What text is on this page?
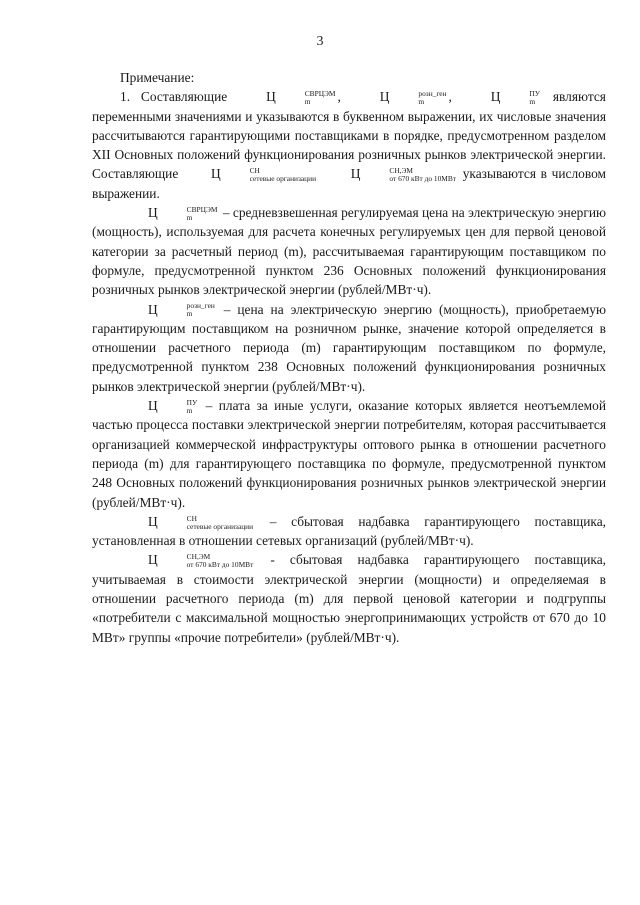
3

Примечание:

1. Составляющие	Ц	СВРЦЭМ
m	, Ц	розн_ген
m	, Ц	ПУ
m	являются переменными значениями и указываются в буквенном выражении, их числовые значения рассчитываются гарантирующими поставщиками в порядке, предусмотренном разделом XII Основных положений функционирования розничных рынков электрической энергии. Составляющие Ц	СН
сетевые организации	Ц	СН,ЭМ
от 670 кВт до 10МВт указываются в числовом выражении.

Ц	СВРЦЭМ
m	– средневзвешенная регулируемая цена на электрическую энергию (мощность), используемая для расчета конечных регулируемых цен для первой ценовой категории за расчетный период (m), рассчитываемая гарантирующим поставщиком по формуле, предусмотренной пунктом 236 Основных положений функционирования розничных рынков электрической энергии (рублей/МВт·ч).

Ц	розн_ген
m	– цена на электрическую энергию (мощность), приобретаемую гарантирующим поставщиком на розничном рынке, значение которой определяется в отношении расчетного периода (m) гарантирующим поставщиком по формуле, предусмотренной пунктом 238 Основных положений функционирования розничных рынков электрической энергии (рублей/МВт·ч).

Ц	ПУ
m – плата за иные услуги, оказание которых является неотъемлемой частью процесса поставки электрической энергии потребителям, которая рассчитывается организацией коммерческой инфраструктуры оптового рынка в отношении расчетного периода (m) для гарантирующего поставщика по формуле, предусмотренной пунктом 248 Основных положений функционирования розничных рынков электрической энергии (рублей/МВт·ч).

Ц	СН
сетевые организации – сбытовая надбавка гарантирующего поставщика, установленная в отношении сетевых организаций (рублей/МВт·ч).

Ц	СН,ЭМ
от 670 кВт до 10МВт - сбытовая надбавка гарантирующего поставщика, учитываемая в стоимости электрической энергии (мощности) и определяемая в отношении расчетного периода (m) для первой ценовой категории и подгруппы «потребители с максимальной мощностью энергопринимающих устройств от 670 до 10 МВт» группы «прочие потребители» (рублей/МВт·ч).
